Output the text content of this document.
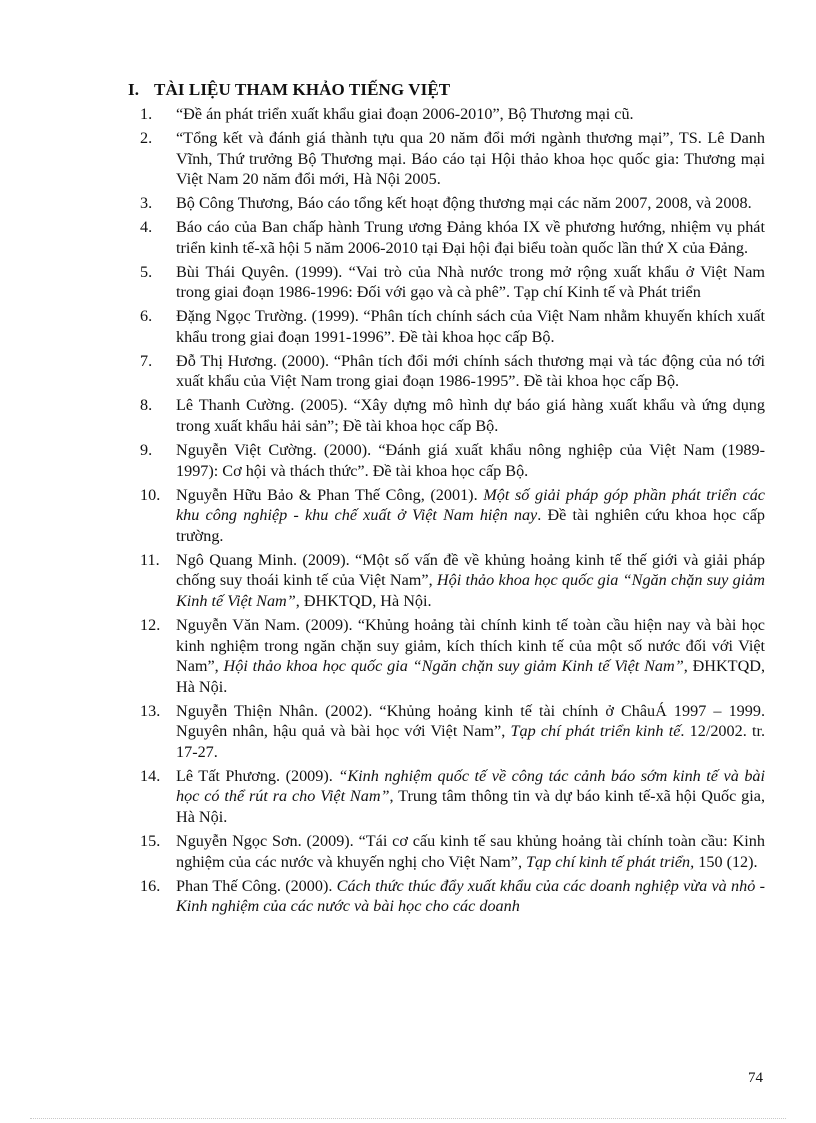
I. TÀI LIỆU THAM KHẢO TIẾNG VIỆT
1.	“Đề án phát triển xuất khẩu giai đoạn 2006-2010”, Bộ Thương mại cũ.
2.	“Tổng kết và đánh giá thành tựu qua 20 năm đổi mới ngành thương mại”, TS. Lê Danh Vĩnh, Thứ trưởng Bộ Thương mại. Báo cáo tại Hội thảo khoa học quốc gia: Thương mại Việt Nam 20 năm đổi mới, Hà Nội 2005.
3.	Bộ Công Thương, Báo cáo tổng kết hoạt động thương mại các năm 2007, 2008, và 2008.
4.	Báo cáo của Ban chấp hành Trung ương Đảng khóa IX về phương hướng, nhiệm vụ phát triển kinh tế-xã hội 5 năm 2006-2010 tại Đại hội đại biểu toàn quốc lần thứ X của Đảng.
5.	Bùi Thái Quyên. (1999). “Vai trò của Nhà nước trong mở rộng xuất khẩu ở Việt Nam trong giai đoạn 1986-1996: Đối với gạo và cà phê”. Tạp chí Kinh tế và Phát triển
6.	Đặng Ngọc Trường. (1999). “Phân tích chính sách của Việt Nam nhằm khuyến khích xuất khẩu trong giai đoạn 1991-1996”. Đề tài khoa học cấp Bộ.
7.	Đỗ Thị Hương. (2000). “Phân tích đổi mới chính sách thương mại và tác động của nó tới xuất khẩu của Việt Nam trong giai đoạn 1986-1995”. Đề tài khoa học cấp Bộ.
8.	Lê Thanh Cường. (2005). “Xây dựng mô hình dự báo giá hàng xuất khẩu và ứng dụng trong xuất khẩu hải sản”; Đề tài khoa học cấp Bộ.
9.	Nguyễn Việt Cường. (2000). “Đánh giá xuất khẩu nông nghiệp của Việt Nam (1989-1997): Cơ hội và thách thức”. Đề tài khoa học cấp Bộ.
10. Nguyễn Hữu Bảo & Phan Thế Công, (2001). Một số giải pháp góp phần phát triển các khu công nghiệp - khu chế xuất ở Việt Nam hiện nay. Đề tài nghiên cứu khoa học cấp trường.
11.	Ngô Quang Minh. (2009). “Một số vấn đề về khủng hoảng kinh tế thế giới và giải pháp chống suy thoái kinh tế của Việt Nam”, Hội thảo khoa học quốc gia “Ngăn chặn suy giảm Kinh tế Việt Nam”, ĐHKTQD, Hà Nội.
12. Nguyễn Văn Nam. (2009). “Khủng hoảng tài chính kinh tế toàn cầu hiện nay và bài học kinh nghiệm trong ngăn chặn suy giảm, kích thích kinh tế của một số nước đối với Việt Nam”, Hội thảo khoa học quốc gia “Ngăn chặn suy giảm Kinh tế Việt Nam”, ĐHKTQD, Hà Nội.
13. Nguyễn Thiện Nhân. (2002). “Khủng hoảng kinh tế tài chính ở ChâuÁ 1997 – 1999. Nguyên nhân, hậu quả và bài học với Việt Nam”, Tạp chí phát triển kinh tế. 12/2002. tr. 17-27.
14. Lê Tất Phương. (2009). “Kinh nghiệm quốc tế về công tác cảnh báo sớm kinh tế và bài học có thể rút ra cho Việt Nam”, Trung tâm thông tin và dự báo kinh tế-xã hội Quốc gia, Hà Nội.
15. Nguyễn Ngọc Sơn. (2009). “Tái cơ cấu kinh tế sau khủng hoảng tài chính toàn cầu: Kinh nghiệm của các nước và khuyến nghị cho Việt Nam”, Tạp chí kinh tế phát triển, 150 (12).
16. Phan Thế Công. (2000). Cách thức thúc đẩy xuất khẩu của các doanh nghiệp vừa và nhỏ - Kinh nghiệm của các nước và bài học cho các doanh
74
